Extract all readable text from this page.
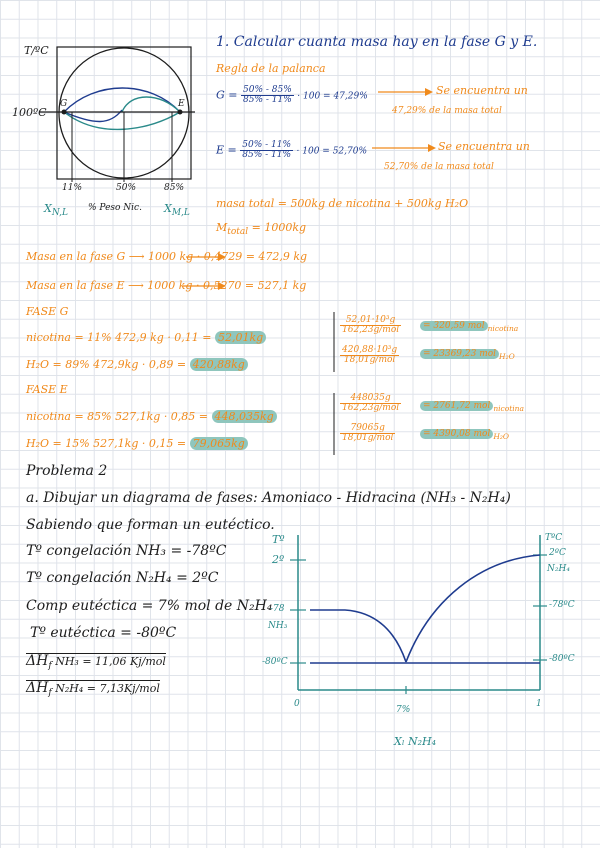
T/ºC
100ºC
G	E
11%	50%	85%
$X_{N,L}$
% Peso Nic. $X_{M,L}$
1. Calcular cuanta masa hay en la fase G y E.
Regla de la palanca
$G = \frac{50\% - 85\%}{85\% - 11\%} \cdot 100 = 47,29\%$	Se encuentra un
47,29% de la masa total
$E = \frac{50\% - 11\%}{85\% - 11\%} \cdot 100 = 52,70\%$	Se encuentra un
52,70% de la masa total
masa total = 500kg de nicotina + 500kg H₂O
$M_{total} = 1000kg$
Masa en la fase G ⟶ 1000 kg · 0,4729 = 472,9 kg
Masa en la fase E ⟶ 1000 kg · 0,5270 = 527,1 kg
FASE G
nicotina = 11% 472,9 kg · 0,11 = 52,01kg
$\frac{\text{52,01·10³g}}{\text{162,23g/mol}}$	= 320,59 mol $_{nicotina}$
H₂O = 89% 472,9kg · 0,89 = 420,88kg	$\frac{\text{420,88·10³g}}{\text{18,01g/mol}}$	= 23369,23 mol $_{H_2O}$
FASE E
nicotina = 85% 527,1kg · 0,85 = 448,035kg
$\frac{448035g}{\text{162,23g/mol}}$	= 2761,72 mol $_{nicotina}$
H₂O = 15% 527,1kg · 0,15 = 79,065kg
$\frac{79065g}{\text{18,01g/mol}}$	= 4390,08 mol $_{H_2O}$
Problema 2
a. Dibujar un diagrama de fases: Amoniaco - Hidracina (NH₃ - N₂H₄)
Sabiendo que forman un eutéctico.
Tº congelación NH₃ = -78ºC
Tº congelación N₂H₄ = 2ºC
Comp eutéctica = 7% mol de N₂H₄
Tº eutéctica = -80ºC
$\Delta H_f$ NH₃ = 11,06 Kj/mol
$\Delta H_f$ N₂H₄ = 7,13Kj/mol
Tº	TºC
2º
-78
NH₃
-80ºC
2ºC
N₂H₄
-78ºC
-80ºC
0
7%
1
Xₗ N₂H₄
